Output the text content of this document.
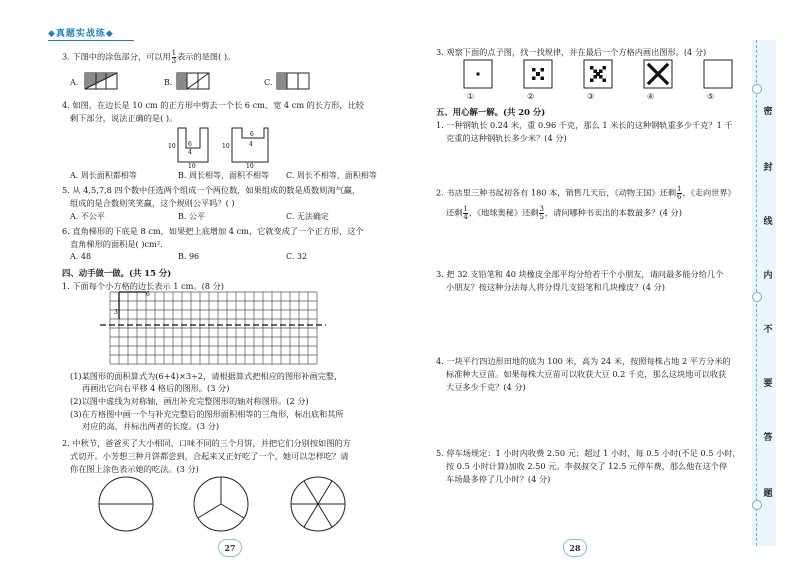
◆真题实战练◆
3. 下图中的涂色部分，可以用 $\frac{1}{3}$ 表示的是图( )。
A.	B.	C.
4. 如图，在边长是 10 cm 的正方形中剪去一个长 6 cm、宽 4 cm 的长方形，比较
剩下部分，说法正确的是( )。
6
4
10
10
6
4
10
10
A. 周长面积都相等	B. 周长相等，面积不相等 C. 周长不相等，面积相等
5. 从 4,5,7,8 四个数中任选两个组成一个两位数，如果组成的数是质数则淘气赢，
组成的是合数则笑笑赢，这个规则公平吗？( )
A. 不公平	B. 公平	C. 无法确定
6. 直角梯形的下底是 8 cm，如果把上底增加 4 cm，它就变成了一个正方形，这个
直角梯形的面积是( )cm².
A. 48	B. 96	C. 32
四、动手做一做。(共 15 分)
1. 下面每个小方格的边长表示 1 cm。(8 分)
6
3
(1)某图形的面积算式为(6+4)×3÷2，请根据算式把相应的图形补画完整，
再画出它向右平移 4 格后的图形。(3 分)
(2)以图中虚线为对称轴，画出补充完整图形的轴对称图形。(2 分)
(3)在方格图中画一个与补充完整后的图形面积相等的三角形，标出底和其所
对应的高，并标出两者的长度。(3 分)
2. 中秋节，爸爸买了大小相同、口味不同的三个月饼，并把它们分别按如图的方
式切开。小芳想三种月饼都尝到，合起来又正好吃了一个，她可以怎样吃？请
你在图上涂色表示她的吃法。(3 分)
27
3. 观察下面的点子图，找一找规律，并在最后一个方格内画出图形。(4 分)
①	②	③	④	⑤
五、用心解一解。(共 20 分)
1. 一种钢轨长 0.24 米，重 0.96 千克，那么 1 米长的这种钢轨重多少千克？1 千
克重的这种钢轨长多少米？(4 分)
2. 书店里三种书起初各有 180 本，销售几天后，《动物王国》还剩 $\frac{1}{6}$ ，《走向世界》
还剩 $\frac{1}{4}$ ，《地球奥秘》还剩 $\frac{3}{5}$ ，请问哪种书卖出的本数最多？(4 分)
3. 把 32 支铅笔和 40 块橡皮全部平均分给若干个小朋友，请问最多能分给几个
小朋友？按这种分法每人将分得几支铅笔和几块橡皮？(4 分)
4. 一块平行四边形田地的底为 100 米，高为 24 米，按照每株占地 2 平方分米的
标准种大豆苗。如果每株大豆苗可以收获大豆 0.2 千克，那么这块地可以收获
大豆多少千克？(4 分)
5. 停车场规定：1 小时内收费 2.50 元；超过 1 小时，每 0.5 小时(不足 0.5 小时，
按 0.5 小时计算)加收 2.50 元。李叔叔交了 12.5 元停车费，那么他在这个停
车场最多停了几小时？(4 分)
28
密
封
线
内
不
要
答
题
